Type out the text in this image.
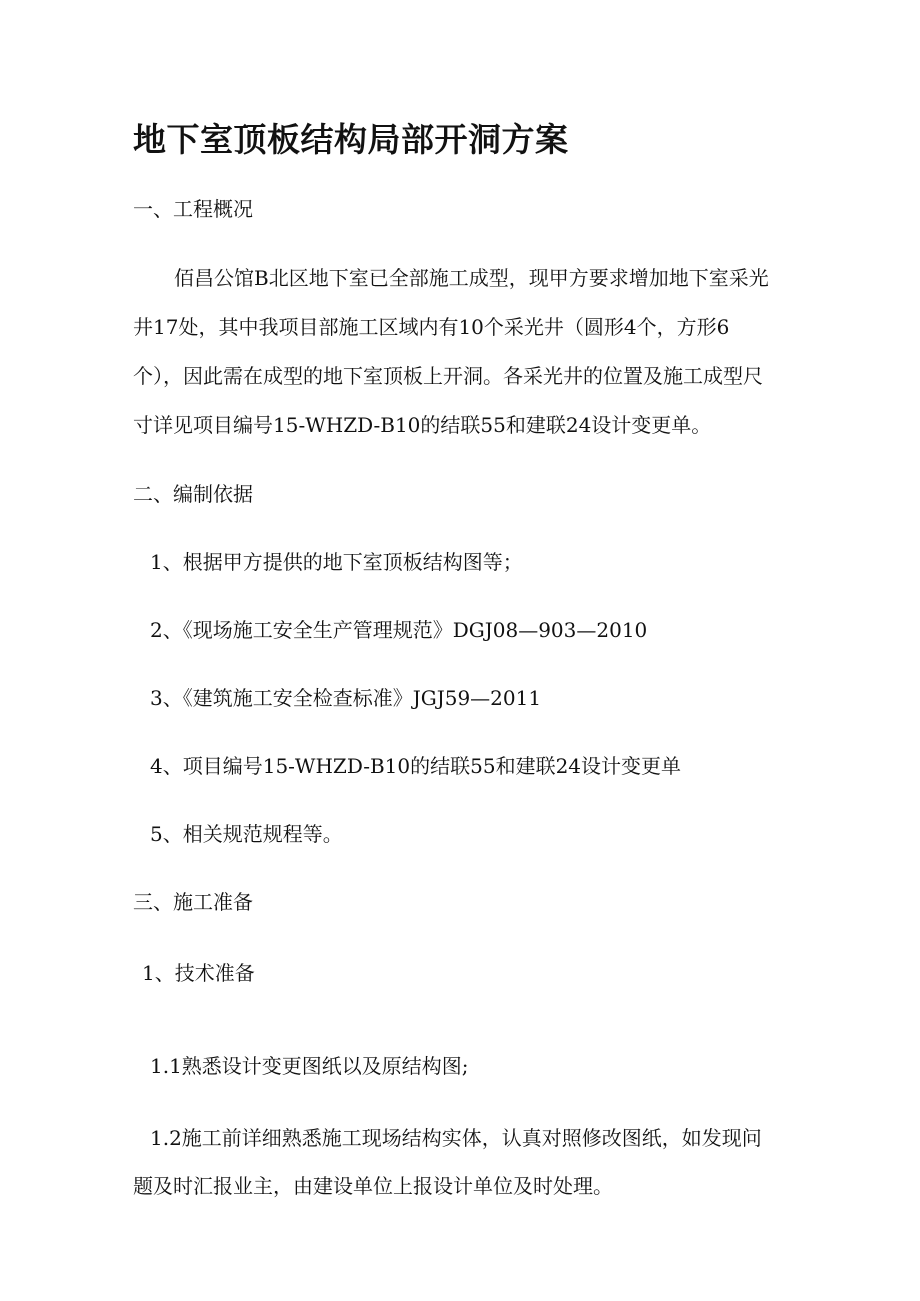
地下室顶板结构局部开洞方案
一、工程概况
佰昌公馆B北区地下室已全部施工成型，现甲方要求增加地下室采光
井17处，其中我项目部施工区域内有10个采光井（圆形4个，方形6
个），因此需在成型的地下室顶板上开洞。各采光井的位置及施工成型尺
寸详见项目编号15-WHZD-B10的结联55和建联24设计变更单。
二、编制依据
1、根据甲方提供的地下室顶板结构图等；
2、《现场施工安全生产管理规范》DGJ08—903—2010
3、《建筑施工安全检查标准》JGJ59—2011
4、项目编号15-WHZD-B10的结联55和建联24设计变更单
5、相关规范规程等。
三、施工准备
1、技术准备
1.1熟悉设计变更图纸以及原结构图;
1.2施工前详细熟悉施工现场结构实体，认真对照修改图纸，如发现问
题及时汇报业主，由建设单位上报设计单位及时处理。
